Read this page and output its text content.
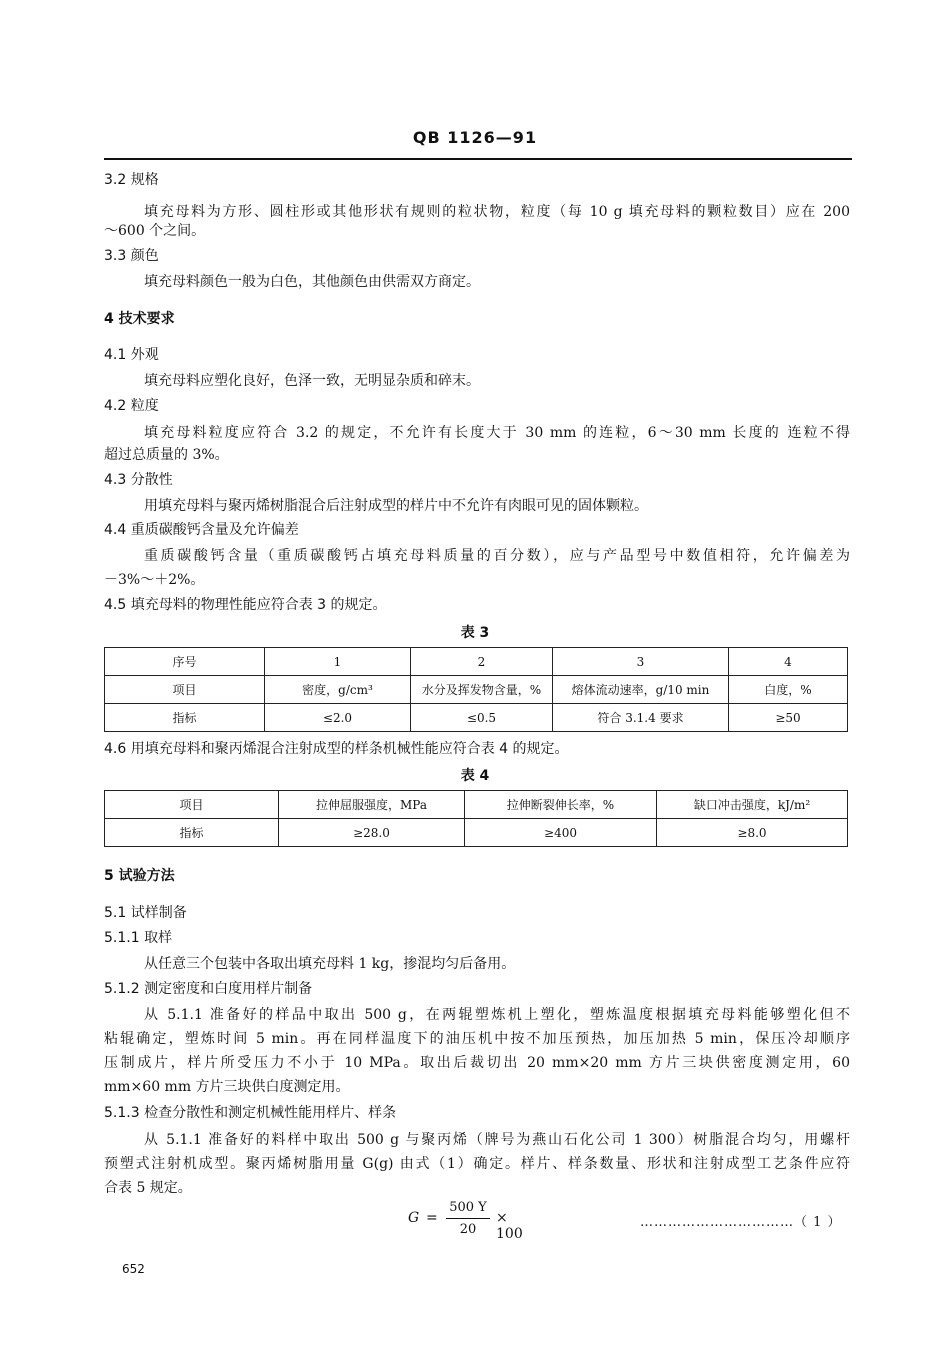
QB 1126—91
3.2 规格
填充母料为方形、圆柱形或其他形状有规则的粒状物，粒度（每 10 g 填充母料的颗粒数目）应在 200
～600 个之间。
3.3 颜色
填充母料颜色一般为白色，其他颜色由供需双方商定。
4 技术要求
4.1 外观
填充母料应塑化良好，色泽一致，无明显杂质和碎末。
4.2 粒度
填充母料粒度应符合 3.2 的规定，不允许有长度大于 30 mm 的连粒，6～30 mm 长度的 连粒不得
超过总质量的 3%。
4.3 分散性
用填充母料与聚丙烯树脂混合后注射成型的样片中不允许有肉眼可见的固体颗粒。
4.4 重质碳酸钙含量及允许偏差
重质碳酸钙含量（重质碳酸钙占填充母料质量的百分数），应与产品型号中数值相符，允许偏差为
－3%～＋2%。
4.5 填充母料的物理性能应符合表 3 的规定。
表 3
序号	1	2	3	4
项目	密度，g/cm³	水分及挥发物含量，%	熔体流动速率，g/10 min	白度，%
指标	≤2.0	≤0.5	符合 3.1.4 要求	≥50
4.6 用填充母料和聚丙烯混合注射成型的样条机械性能应符合表 4 的规定。
表 4
项目	拉伸屈服强度，MPa	拉伸断裂伸长率，%	缺口冲击强度，kJ/m²
指标	≥28.0	≥400	≥8.0
5 试验方法
5.1 试样制备
5.1.1 取样
从任意三个包装中各取出填充母料 1 kg，掺混均匀后备用。
5.1.2 测定密度和白度用样片制备
从 5.1.1 准备好的样品中取出 500 g，在两辊塑炼机上塑化，塑炼温度根据填充母料能够塑化但不
粘辊确定，塑炼时间 5 min。再在同样温度下的油压机中按不加压预热，加压加热 5 min，保压冷却顺序
压制成片，样片所受压力不小于 10 MPa。取出后裁切出 20 mm×20 mm 方片三块供密度测定用，60
mm×60 mm 方片三块供白度测定用。
5.1.3 检查分散性和测定机械性能用样片、样条
从 5.1.1 准备好的料样中取出 500 g 与聚丙烯（牌号为燕山石化公司 1 300）树脂混合均匀，用螺杆
预塑式注射机成型。聚丙烯树脂用量 G(g) 由式（1）确定。样片、样条数量、形状和注射成型工艺条件应符
合表 5 规定。
G =
500 Y
20
× 100
……………………………（ 1 ）
652
